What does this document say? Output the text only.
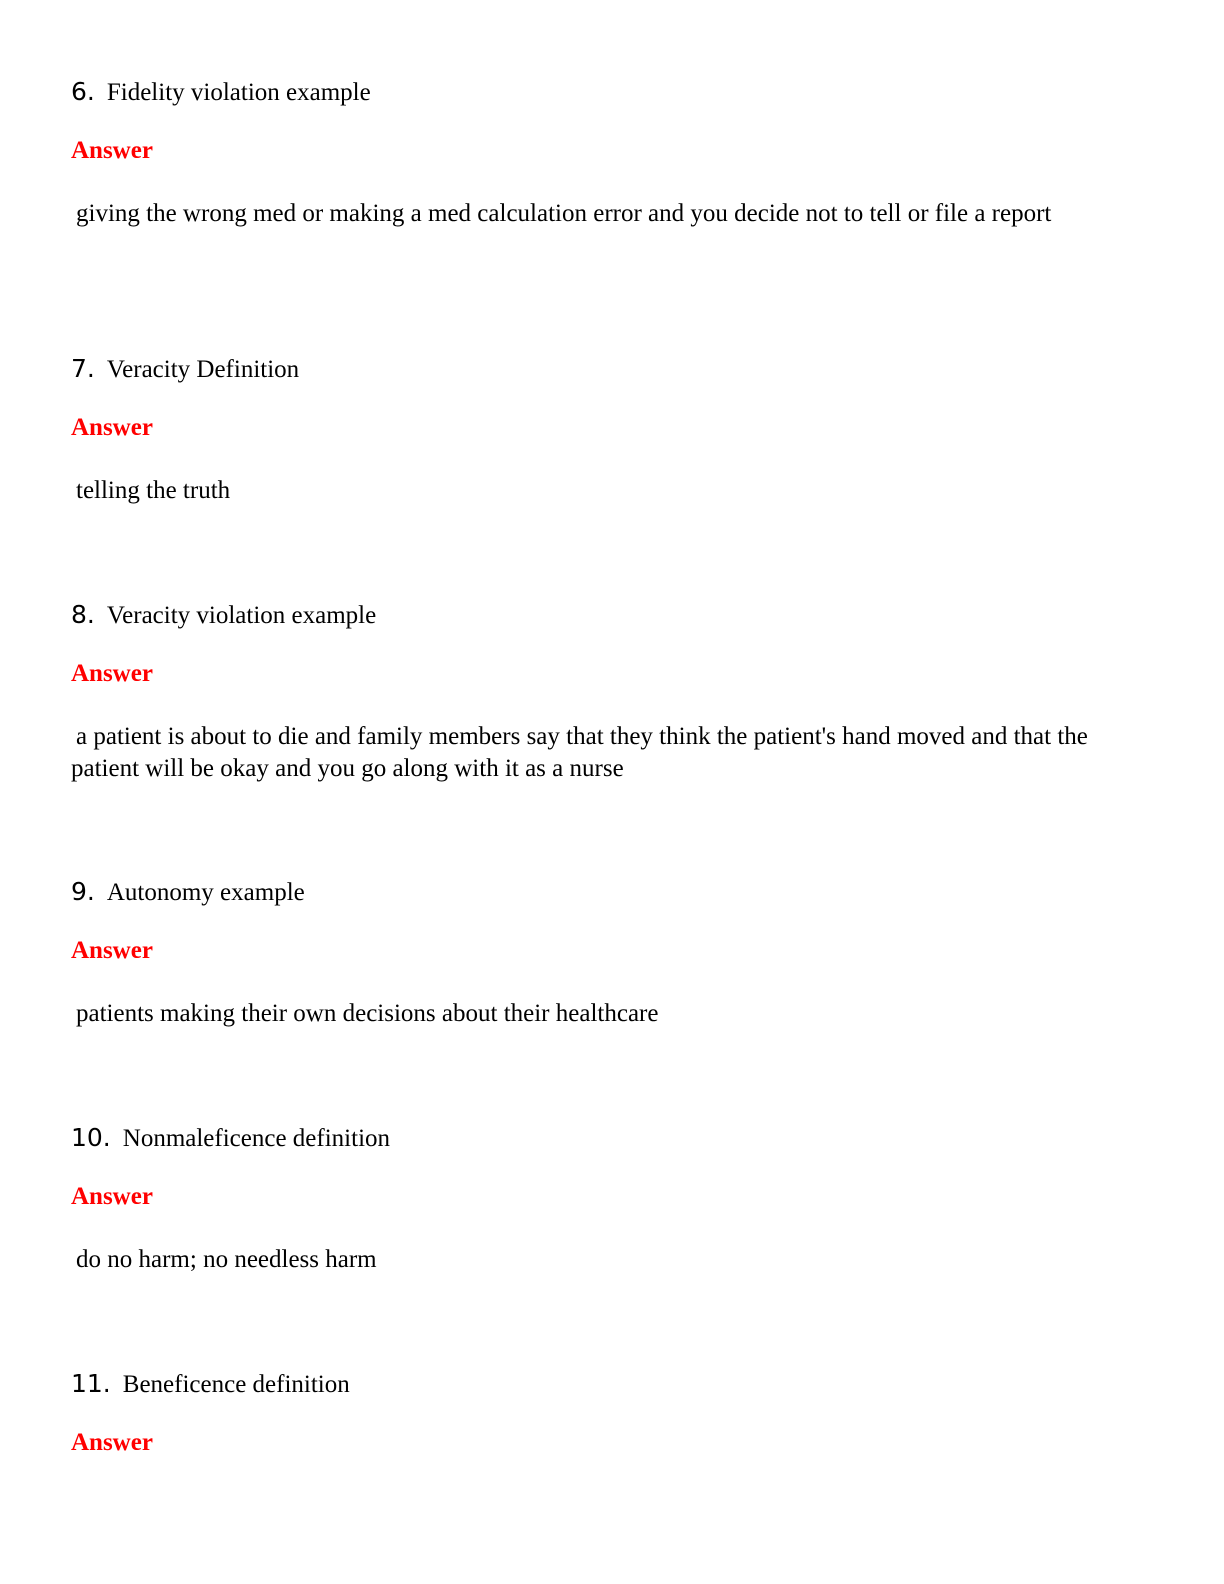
6. Fidelity violation example
Answer
giving the wrong med or making a med calculation error and you decide not to tell or file a report
7. Veracity Definition
Answer
telling the truth
8. Veracity violation example
Answer
a patient is about to die and family members say that they think the patient's hand moved and that the patient will be okay and you go along with it as a nurse
9. Autonomy example
Answer
patients making their own decisions about their healthcare
10. Nonmaleficence definition
Answer
do no harm; no needless harm
11. Beneficence definition
Answer
